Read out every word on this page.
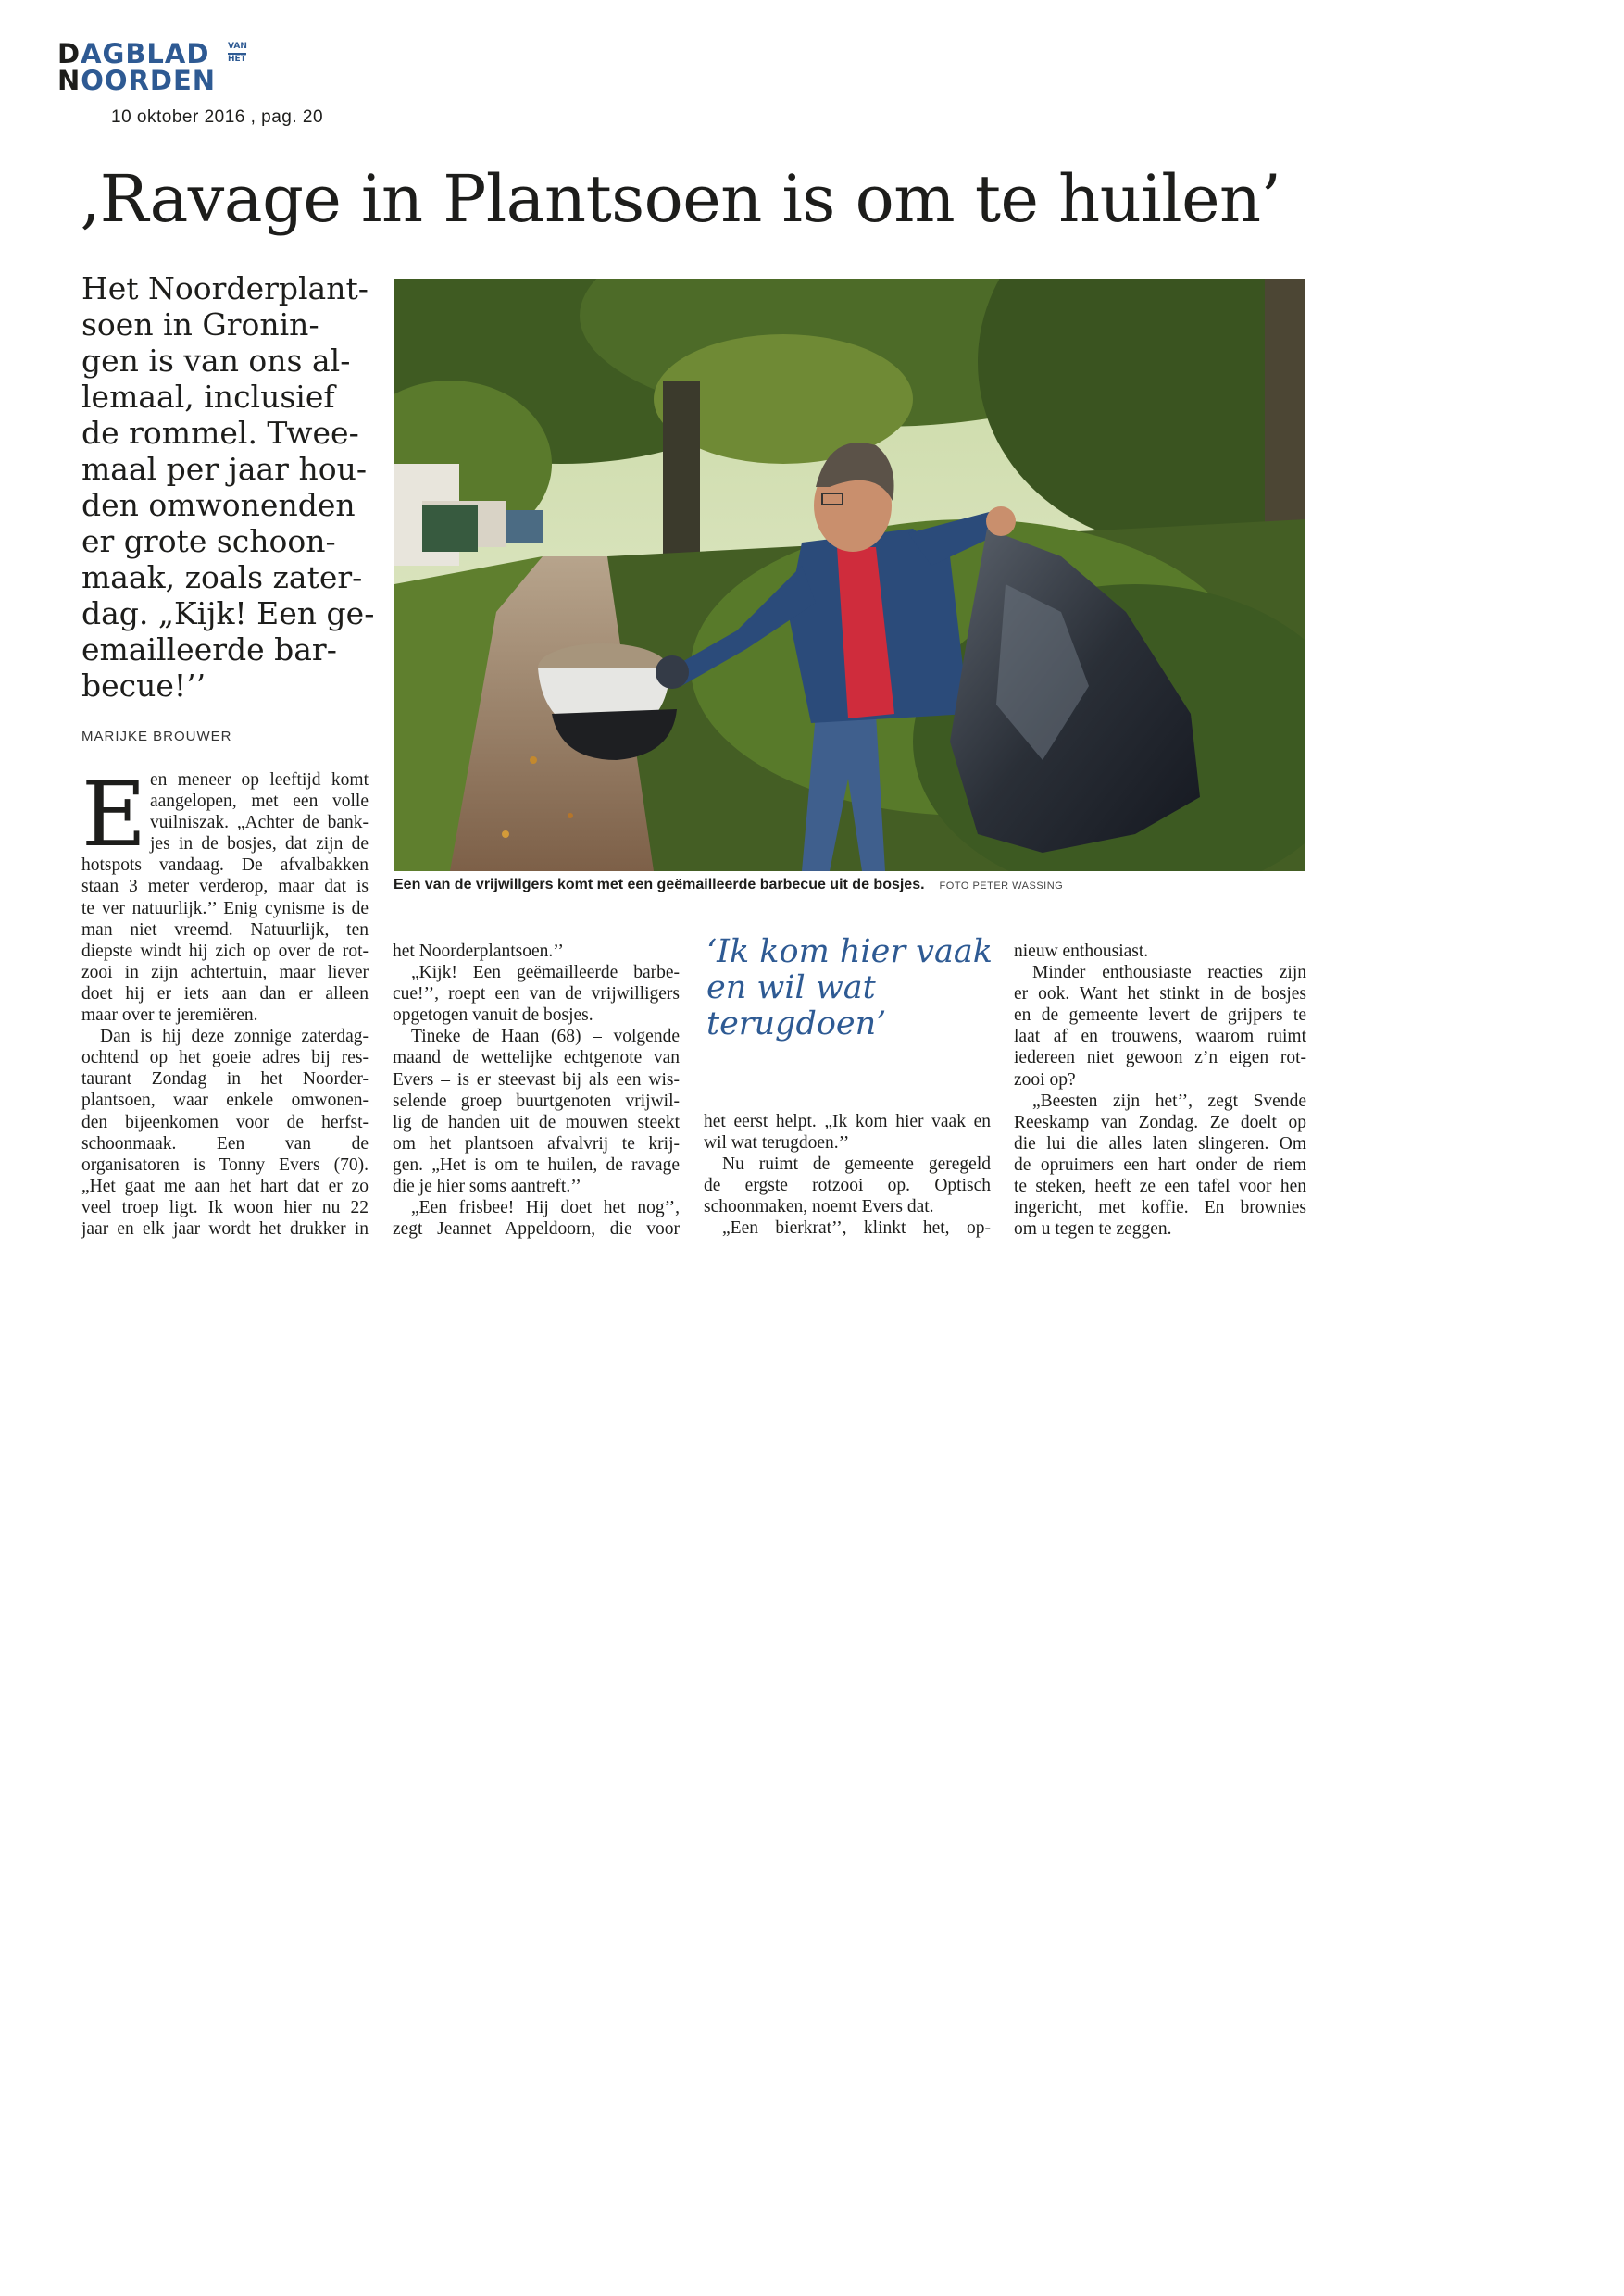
DAGBLAD
NOORDEN
VAN
HET
10 oktober 2016 , pag. 20
‚Ravage in Plantsoen is om te huilen’
Het Noorderplant-
soen in Gronin-
gen is van ons al-
lemaal, inclusief
de rommel. Twee-
maal per jaar hou-
den omwonenden
er grote schoon-
maak, zoals zater-
dag. „Kijk! Een ge-
emailleerde bar-
becue!’’
MARIJKE BROUWER
Een van de vrijwillgers komt met een geëmailleerde barbecue uit de bosjes. FOTO PETER WASSING
E en meneer op leeftijd komt
aangelopen, met een volle
vuilniszak. „Achter de bank-
jes in de bosjes, dat zijn de
hotspots vandaag. De afvalbakken
staan 3 meter verderop, maar dat is
te ver natuurlijk.’’ Enig cynisme is de
man niet vreemd. Natuurlijk, ten
diepste windt hij zich op over de rot-
zooi in zijn achtertuin, maar liever
doet hij er iets aan dan er alleen
maar over te jeremiëren.
Dan is hij deze zonnige zaterdag-
ochtend op het goeie adres bij res-
taurant Zondag in het Noorder-
plantsoen, waar enkele omwonen-
den bijeenkomen voor de herfst-
schoonmaak. Een van de
organisatoren is Tonny Evers (70).
„Het gaat me aan het hart dat er zo
veel troep ligt. Ik woon hier nu 22
jaar en elk jaar wordt het drukker in
het Noorderplantsoen.’’
„Kijk! Een geëmailleerde barbe-
cue!’’, roept een van de vrijwilligers
opgetogen vanuit de bosjes.
Tineke de Haan (68) – volgende
maand de wettelijke echtgenote van
Evers – is er steevast bij als een wis-
selende groep buurtgenoten vrijwil-
lig de handen uit de mouwen steekt
om het plantsoen afvalvrij te krij-
gen. „Het is om te huilen, de ravage
die je hier soms aantreft.’’
„Een frisbee! Hij doet het nog’’,
zegt Jeannet Appeldoorn, die voor
‘Ik kom hier vaak
en wil wat
terugdoen’
het eerst helpt. „Ik kom hier vaak en
wil wat terugdoen.’’
Nu ruimt de gemeente geregeld
de ergste rotzooi op. Optisch
schoonmaken, noemt Evers dat.
„Een bierkrat’’, klinkt het, op-
nieuw enthousiast.
Minder enthousiaste reacties zijn
er ook. Want het stinkt in de bosjes
en de gemeente levert de grijpers te
laat af en trouwens, waarom ruimt
iedereen niet gewoon z’n eigen rot-
zooi op?
„Beesten zijn het’’, zegt Svende
Reeskamp van Zondag. Ze doelt op
die lui die alles laten slingeren. Om
de opruimers een hart onder de riem
te steken, heeft ze een tafel voor hen
ingericht, met koffie. En brownies
om u tegen te zeggen.
